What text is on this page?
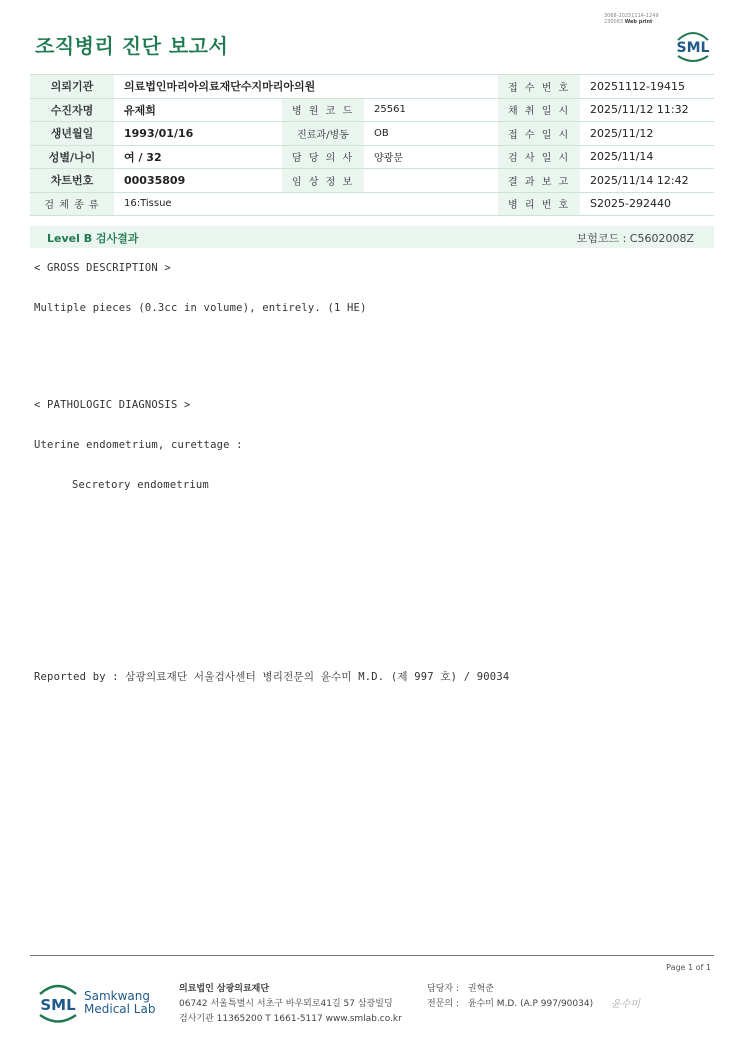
3068-20251114-1249
230083 Web print
조직병리 진단 보고서	SML
의뢰기관	의료법인마리아의료재단수지마리아의원			접 수 번 호	20251112-19415
수진자명	유제희	병 원 코 드	25561	채 취 일 시	2025/11/12 11:32
생년월일	1993/01/16	진료과/병동	OB	접 수 일 시	2025/11/12
성별/나이	여 / 32	담 당 의 사	양광문	검 사 일 시	2025/11/14
차트번호	00035809	임 상 정 보		결 과 보 고	2025/11/14 12:42
검 체 종 류	16:Tissue			병 리 번 호	S2025-292440
Level B 검사결과	보험코드 : C5602008Z
< GROSS DESCRIPTION >
Multiple pieces (0.3cc in volume), entirely. (1 HE)
< PATHOLOGIC DIAGNOSIS >
Uterine endometrium, curettage :
Secretory endometrium
Reported by : 삼광의료재단 서울검사센터 병리전문의 윤수미 M.D. (제 997 호) / 90034
Page 1 of 1
SML Samkwang
Medical Lab
의료법인 삼광의료재단
06742 서울특별시 서초구 바우뫼로41길 57 삼광빌딩
검사기관 11365200 T 1661-5117 www.smlab.co.kr
담당자 : 권혁준
전문의 : 윤수미 M.D. (A.P 997/90034) 윤수미
